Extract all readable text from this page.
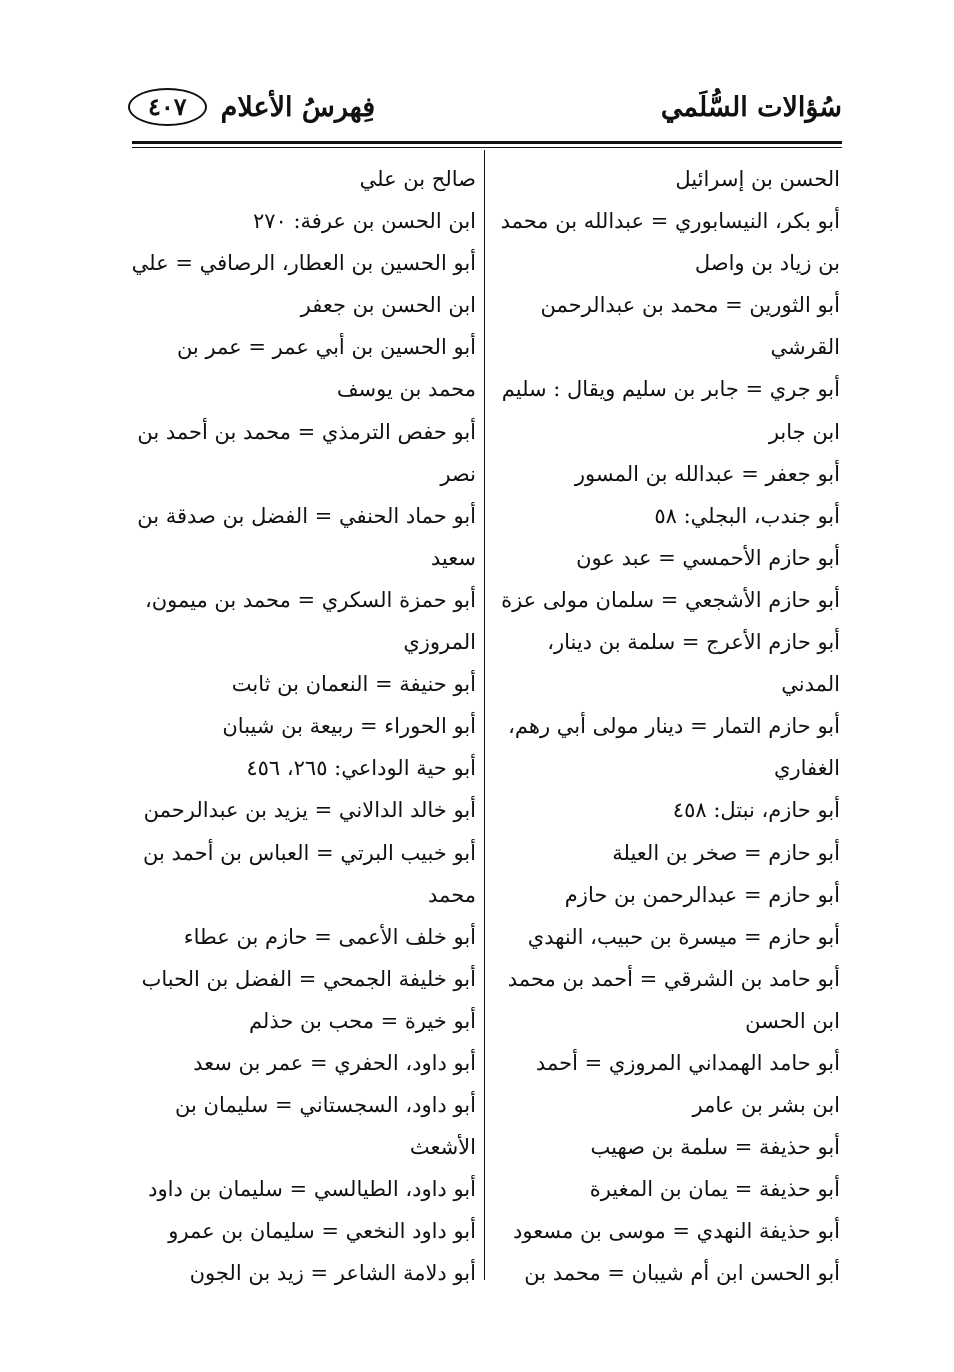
سُؤالات السُّلَمي
فِهرسُ الأعلام
٤٠٧
الحسن بن إسرائيل
أبو بكر، النيسابوري = عبدالله بن محمد
بن زياد بن واصل
أبو الثورين = محمد بن عبدالرحمن
القرشي
أبو جري = جابر بن سليم ويقال : سليم
ابن جابر
أبو جعفر = عبدالله بن المسور
أبو جندب، البجلي: ٥٨
أبو حازم الأحمسي = عبد عون
أبو حازم الأشجعي = سلمان مولى عزة
أبو حازم الأعرج = سلمة بن دينار،
المدني
أبو حازم التمار = دينار مولى أبي رهم،
الغفاري
أبو حازم، نبتل: ٤٥٨
أبو حازم = صخر بن العيلة
أبو حازم = عبدالرحمن بن حازم
أبو حازم = ميسرة بن حبيب، النهدي
أبو حامد بن الشرقي = أحمد بن محمد
ابن الحسن
أبو حامد الهمداني المروزي = أحمد
ابن بشر بن عامر
أبو حذيفة = سلمة بن صهيب
أبو حذيفة = يمان بن المغيرة
أبو حذيفة النهدي = موسى بن مسعود
أبو الحسن ابن أم شيبان = محمد بن
صالح بن علي
ابن الحسن بن عرفة: ٢٧٠
أبو الحسين بن العطار، الرصافي = علي
ابن الحسن بن جعفر
أبو الحسين بن أبي عمر = عمر بن
محمد بن يوسف
أبو حفص الترمذي = محمد بن أحمد بن
نصر
أبو حماد الحنفي = الفضل بن صدقة بن
سعيد
أبو حمزة السكري = محمد بن ميمون،
المروزي
أبو حنيفة = النعمان بن ثابت
أبو الحوراء = ربيعة بن شيبان
أبو حية الوداعي: ٢٦٥، ٤٥٦
أبو خالد الدالاني = يزيد بن عبدالرحمن
أبو خبيب البرتي = العباس بن أحمد بن
محمد
أبو خلف الأعمى = حازم بن عطاء
أبو خليفة الجمحي = الفضل بن الحباب
أبو خيرة = محب بن حذلم
أبو داود، الحفري = عمر بن سعد
أبو داود، السجستاني = سليمان بن
الأشعث
أبو داود، الطيالسي = سليمان بن داود
أبو داود النخعي = سليمان بن عمرو
أبو دلامة الشاعر = زيد بن الجون
